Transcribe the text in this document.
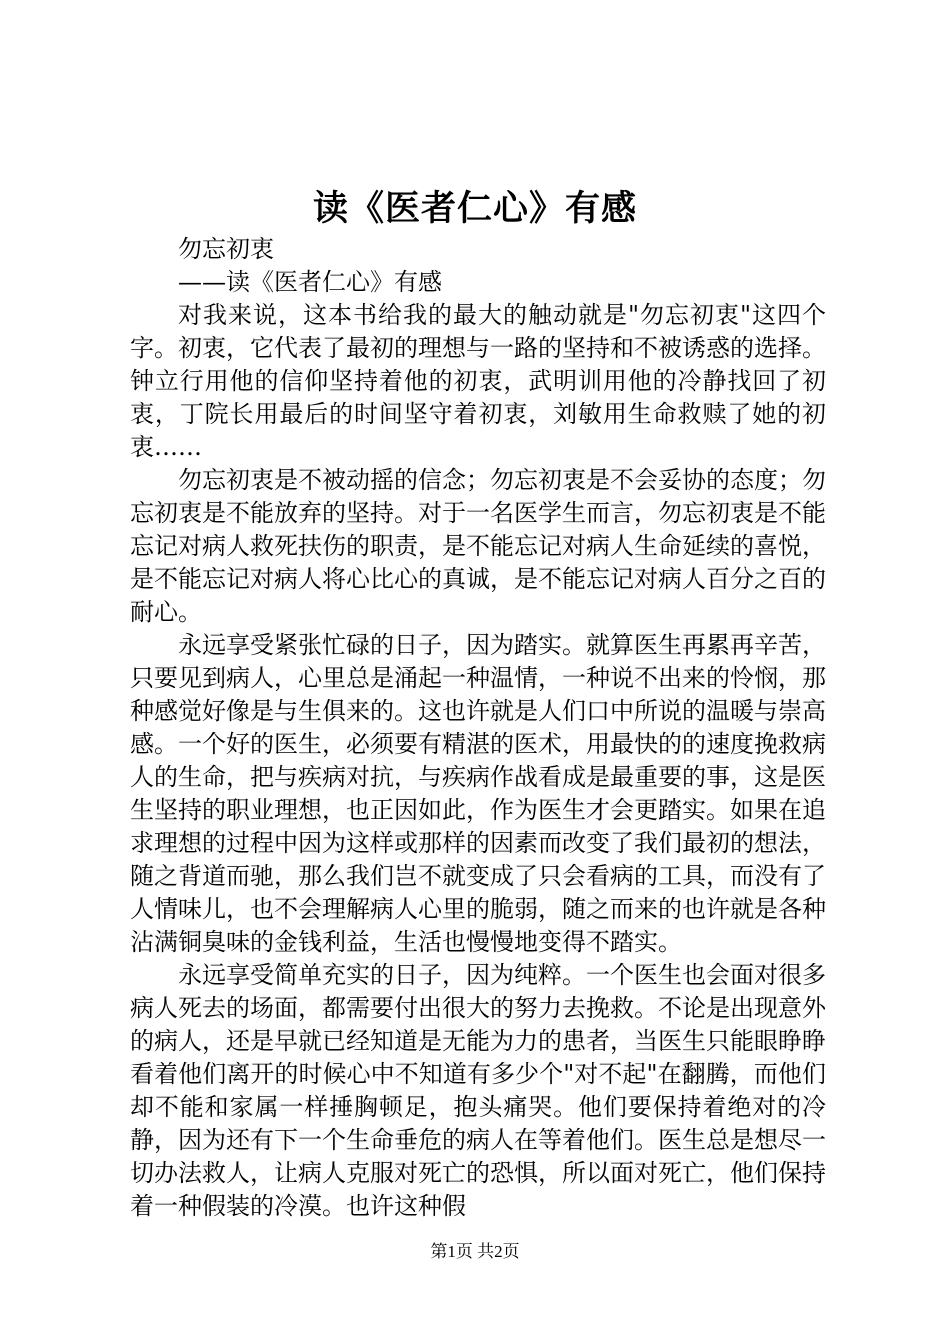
读《医者仁心》有感

勿忘初衷

——读《医者仁心》有感

对我来说，这本书给我的最大的触动就是"勿忘初衷"这四个字。初衷，它代表了最初的理想与一路的坚持和不被诱惑的选择。钟立行用他的信仰坚持着他的初衷，武明训用他的冷静找回了初衷，丁院长用最后的时间坚守着初衷，刘敏用生命救赎了她的初衷……

勿忘初衷是不被动摇的信念；勿忘初衷是不会妥协的态度；勿忘初衷是不能放弃的坚持。对于一名医学生而言，勿忘初衷是不能忘记对病人救死扶伤的职责，是不能忘记对病人生命延续的喜悦，是不能忘记对病人将心比心的真诚，是不能忘记对病人百分之百的耐心。

永远享受紧张忙碌的日子，因为踏实。就算医生再累再辛苦，只要见到病人，心里总是涌起一种温情，一种说不出来的怜悯，那种感觉好像是与生俱来的。这也许就是人们口中所说的温暖与崇高感。一个好的医生，必须要有精湛的医术，用最快的的速度挽救病人的生命，把与疾病对抗，与疾病作战看成是最重要的事，这是医生坚持的职业理想，也正因如此，作为医生才会更踏实。如果在追求理想的过程中因为这样或那样的因素而改变了我们最初的想法，随之背道而驰，那么我们岂不就变成了只会看病的工具，而没有了人情味儿，也不会理解病人心里的脆弱，随之而来的也许就是各种沾满铜臭味的金钱利益，生活也慢慢地变得不踏实。

永远享受简单充实的日子，因为纯粹。一个医生也会面对很多病人死去的场面，都需要付出很大的努力去挽救。不论是出现意外的病人，还是早就已经知道是无能为力的患者，当医生只能眼睁睁看着他们离开的时候心中不知道有多少个"对不起"在翻腾，而他们却不能和家属一样捶胸顿足，抱头痛哭。他们要保持着绝对的冷静，因为还有下一个生命垂危的病人在等着他们。医生总是想尽一切办法救人，让病人克服对死亡的恐惧，所以面对死亡，他们保持着一种假装的冷漠。也许这种假

第1页 共2页
